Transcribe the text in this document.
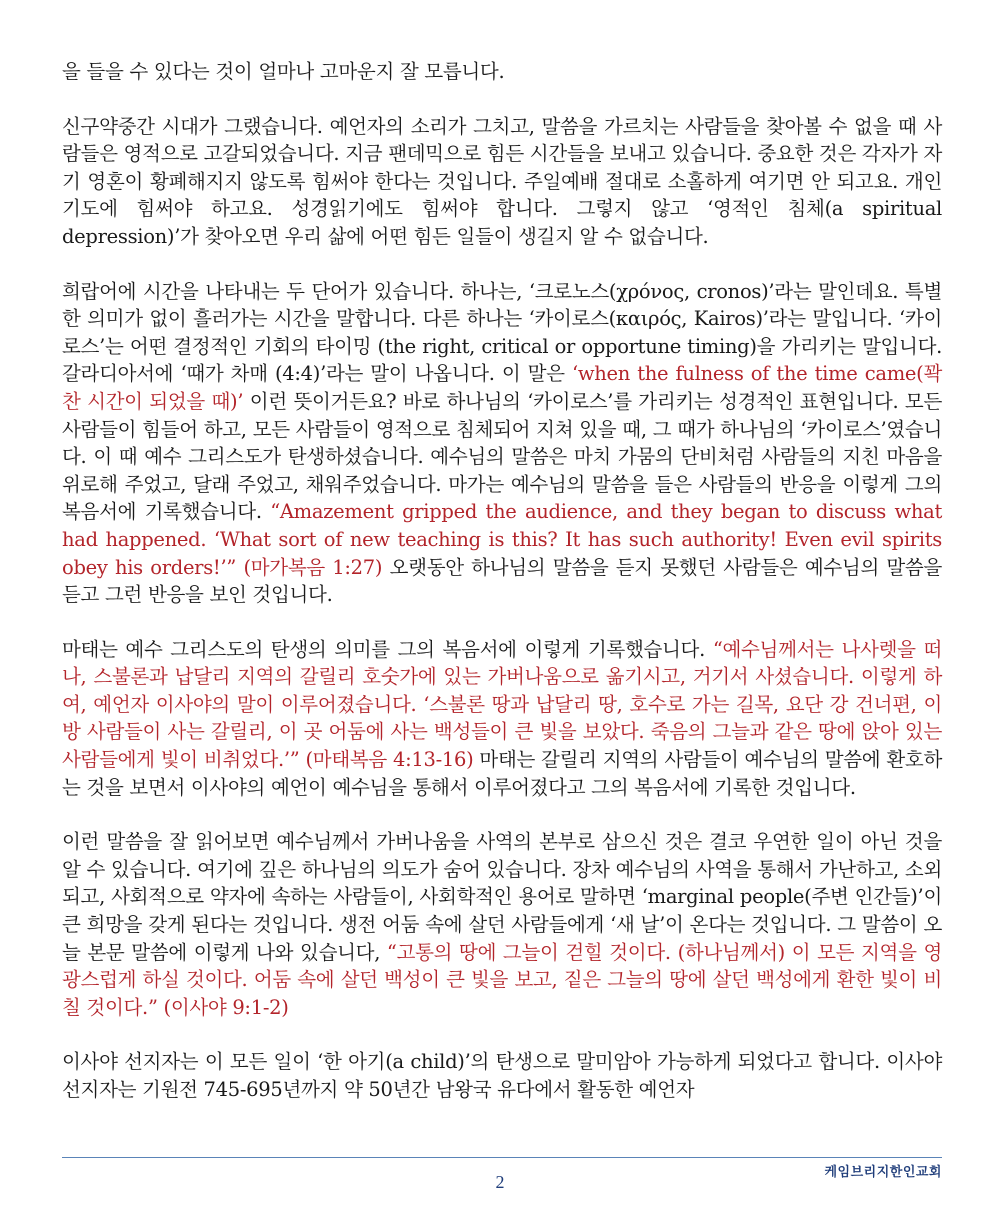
을 들을 수 있다는 것이 얼마나 고마운지 잘 모릅니다.

신구약중간 시대가 그랬습니다. 예언자의 소리가 그치고, 말씀을 가르치는 사람들을 찾아볼 수 없을 때 사람들은 영적으로 고갈되었습니다. 지금 팬데믹으로 힘든 시간들을 보내고 있습니다. 중요한 것은 각자가 자기 영혼이 황폐해지지 않도록 힘써야 한다는 것입니다. 주일예배 절대로 소홀하게 여기면 안 되고요. 개인 기도에 힘써야 하고요. 성경읽기에도 힘써야 합니다. 그렇지 않고 ‘영적인 침체(a spiritual depression)’가 찾아오면 우리 삶에 어떤 힘든 일들이 생길지 알 수 없습니다.

희랍어에 시간을 나타내는 두 단어가 있습니다. 하나는, ‘크로노스(χρόνος, cronos)’라는 말인데요. 특별한 의미가 없이 흘러가는 시간을 말합니다. 다른 하나는 ‘카이로스(καιρός, Kairos)’라는 말입니다. ‘카이로스’는 어떤 결정적인 기회의 타이밍 (the right, critical or opportune timing)을 가리키는 말입니다. 갈라디아서에 ‘때가 차매 (4:4)’라는 말이 나옵니다. 이 말은 ‘when the fulness of the time came(꽉 찬 시간이 되었을 때)’ 이런 뜻이거든요? 바로 하나님의 ‘카이로스’를 가리키는 성경적인 표현입니다. 모든 사람들이 힘들어 하고, 모든 사람들이 영적으로 침체되어 지쳐 있을 때, 그 때가 하나님의 ‘카이로스’였습니다. 이 때 예수 그리스도가 탄생하셨습니다. 예수님의 말씀은 마치 가뭄의 단비처럼 사람들의 지친 마음을 위로해 주었고, 달래 주었고, 채워주었습니다. 마가는 예수님의 말씀을 들은 사람들의 반응을 이렇게 그의 복음서에 기록했습니다. “Amazement gripped the audience, and they began to discuss what had happened. ‘What sort of new teaching is this? It has such authority! Even evil spirits obey his orders!’” (마가복음 1:27) 오랫동안 하나님의 말씀을 듣지 못했던 사람들은 예수님의 말씀을 듣고 그런 반응을 보인 것입니다.

마태는 예수 그리스도의 탄생의 의미를 그의 복음서에 이렇게 기록했습니다. “예수님께서는 나사렛을 떠나, 스불론과 납달리 지역의 갈릴리 호숫가에 있는 가버나움으로 옮기시고, 거기서 사셨습니다. 이렇게 하여, 예언자 이사야의 말이 이루어졌습니다. ‘스불론 땅과 납달리 땅, 호수로 가는 길목, 요단 강 건너편, 이방 사람들이 사는 갈릴리, 이 곳 어둠에 사는 백성들이 큰 빛을 보았다. 죽음의 그늘과 같은 땅에 앉아 있는 사람들에게 빛이 비취었다.’” (마태복음 4:13-16) 마태는 갈릴리 지역의 사람들이 예수님의 말씀에 환호하는 것을 보면서 이사야의 예언이 예수님을 통해서 이루어졌다고 그의 복음서에 기록한 것입니다.

이런 말씀을 잘 읽어보면 예수님께서 가버나움을 사역의 본부로 삼으신 것은 결코 우연한 일이 아닌 것을 알 수 있습니다. 여기에 깊은 하나님의 의도가 숨어 있습니다. 장차 예수님의 사역을 통해서 가난하고, 소외되고, 사회적으로 약자에 속하는 사람들이, 사회학적인 용어로 말하면 ‘marginal people(주변 인간들)’이 큰 희망을 갖게 된다는 것입니다. 생전 어둠 속에 살던 사람들에게 ‘새 날’이 온다는 것입니다. 그 말씀이 오늘 본문 말씀에 이렇게 나와 있습니다, “고통의 땅에 그늘이 걷힐 것이다. (하나님께서) 이 모든 지역을 영광스럽게 하실 것이다. 어둠 속에 살던 백성이 큰 빛을 보고, 짙은 그늘의 땅에 살던 백성에게 환한 빛이 비칠 것이다.” (이사야 9:1-2)

이사야 선지자는 이 모든 일이 ‘한 아기(a child)’의 탄생으로 말미암아 가능하게 되었다고 합니다. 이사야 선지자는 기원전 745-695년까지 약 50년간 남왕국 유다에서 활동한 예언자

2	케임브리지한인교회
